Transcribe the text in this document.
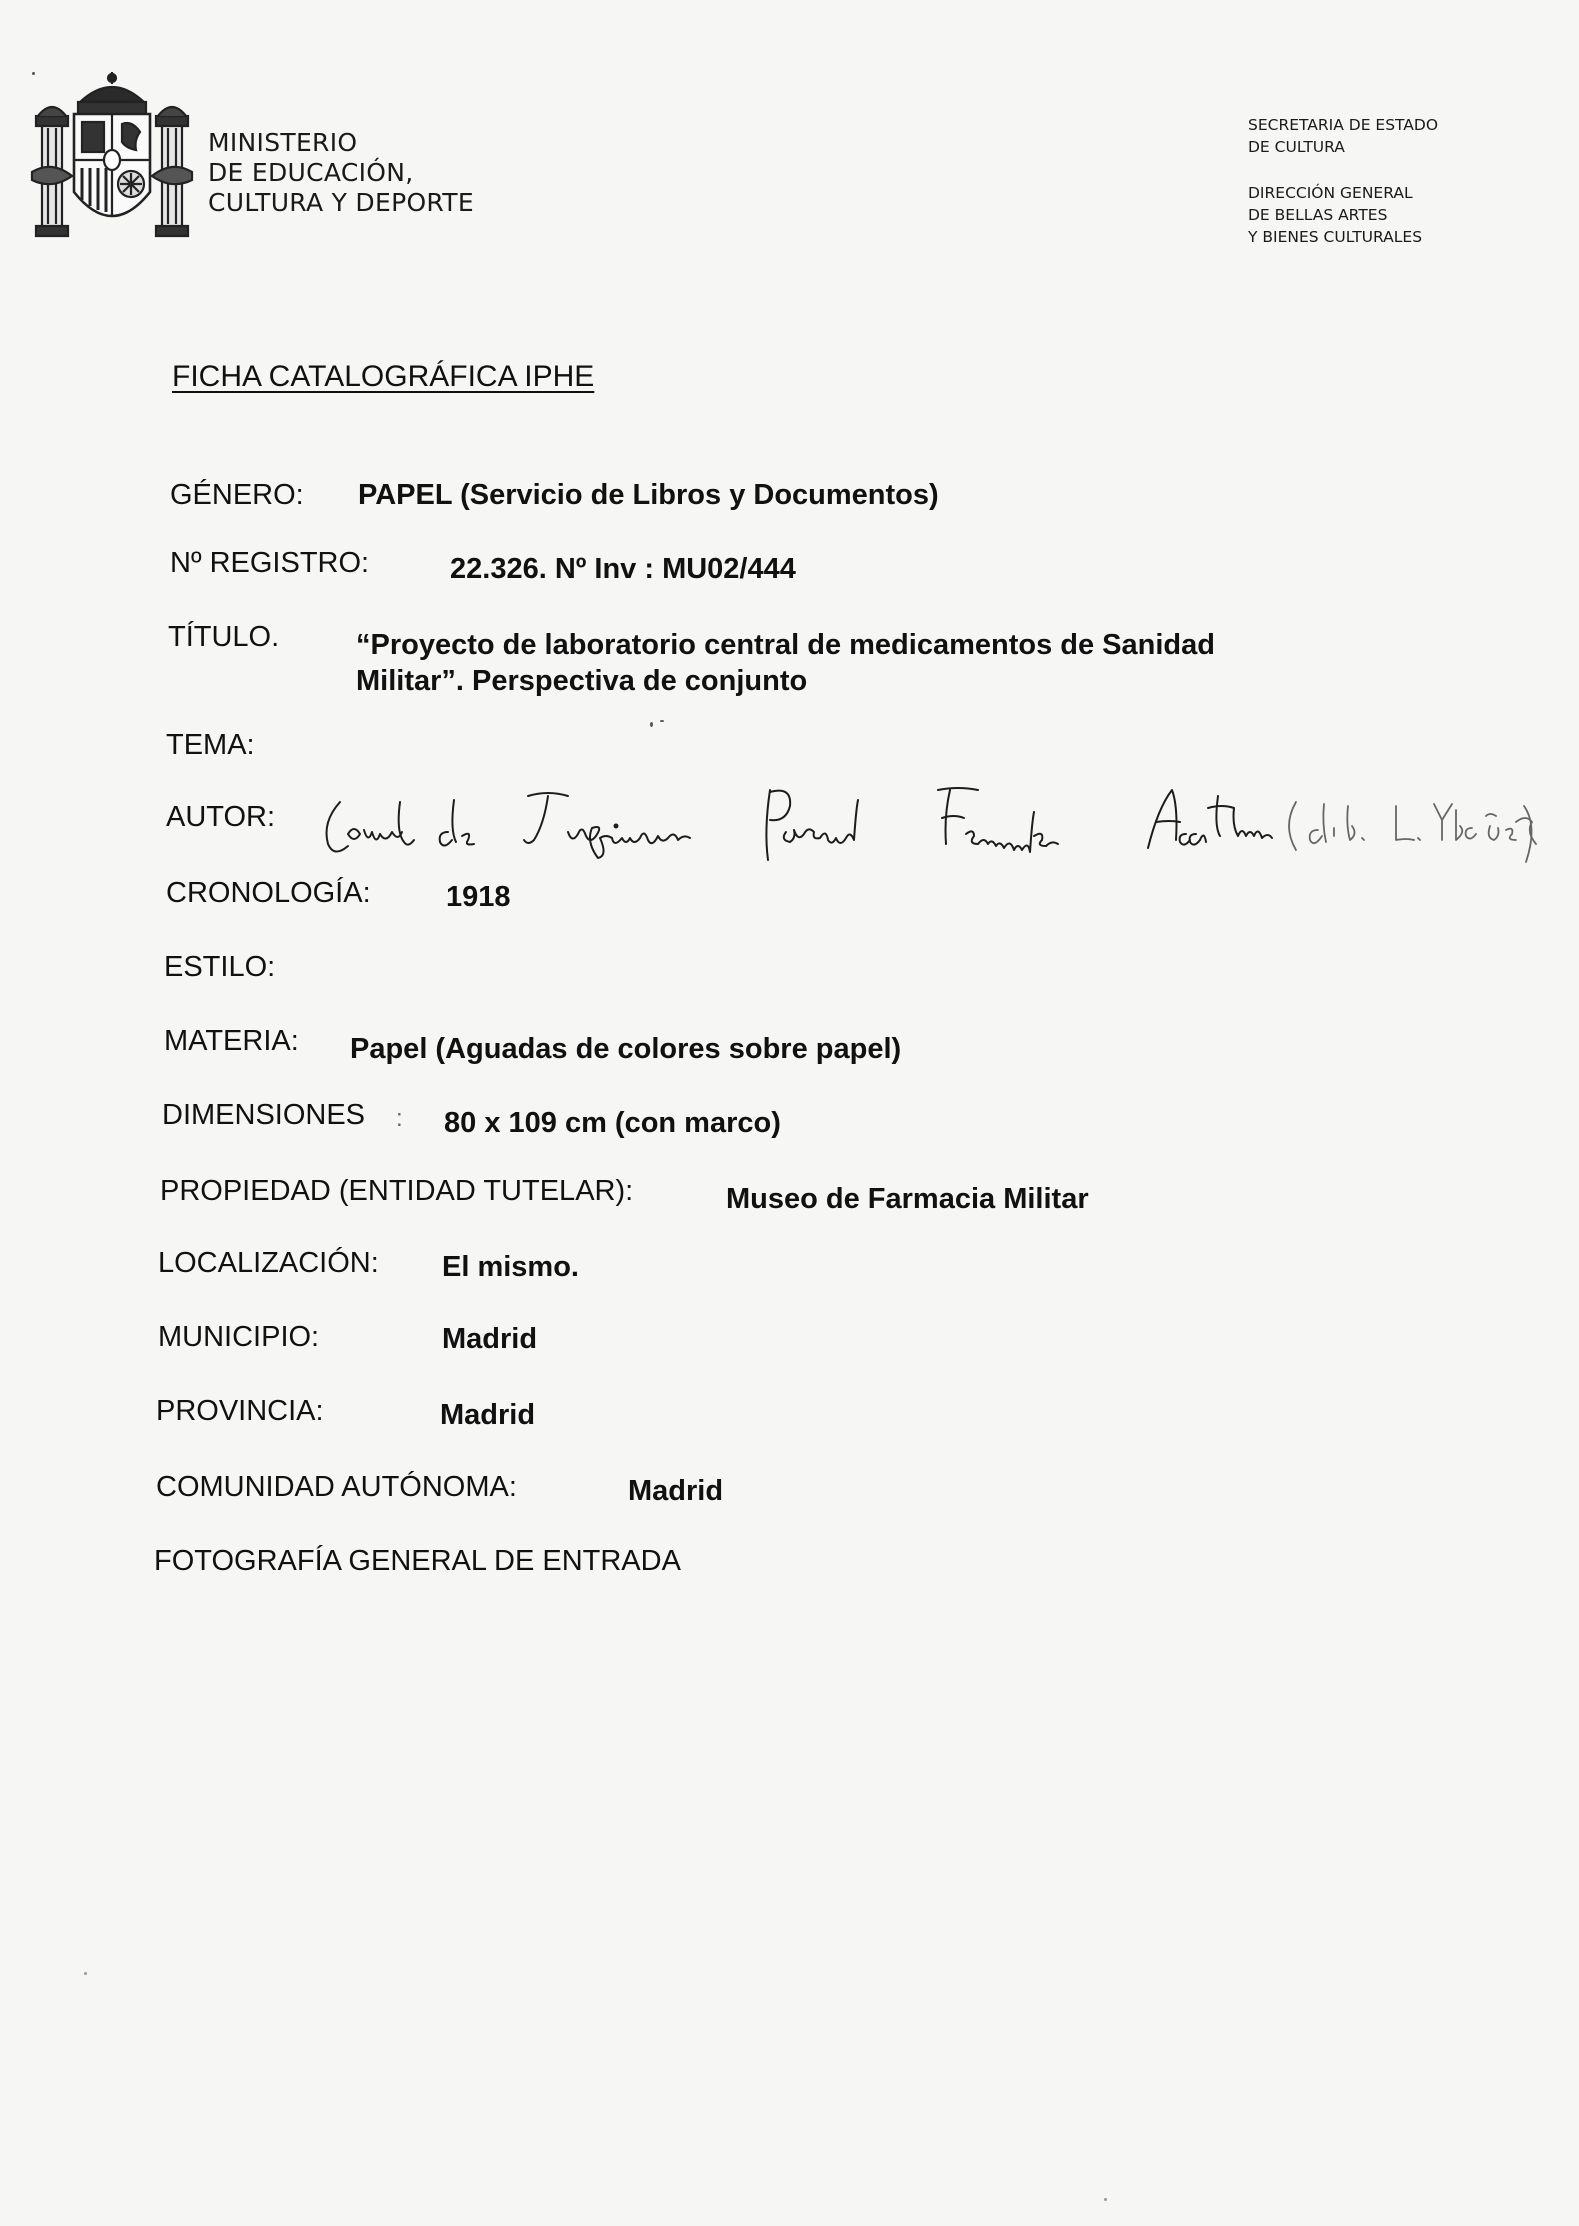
MINISTERIO
DE EDUCACIÓN,
CULTURA Y DEPORTE
SECRETARIA DE ESTADO
DE CULTURA
DIRECCIÓN GENERAL
DE BELLAS ARTES
Y BIENES CULTURALES
FICHA CATALOGRÁFICA IPHE
GÉNERO: PAPEL (Servicio de Libros y Documentos)
Nº REGISTRO:	22.326. Nº Inv : MU02/444
TÍTULO.	“Proyecto de laboratorio central de medicamentos de Sanidad
Militar”. Perspectiva de conjunto
TEMA:
AUTOR:
CRONOLOGÍA:	1918
ESTILO:
MATERIA: Papel (Aguadas de colores sobre papel)
DIMENSIONES : 80 x 109 cm (con marco)
PROPIEDAD (ENTIDAD TUTELAR):	Museo de Farmacia Militar
LOCALIZACIÓN: El mismo.
MUNICIPIO:	Madrid
PROVINCIA:	Madrid
COMUNIDAD AUTÓNOMA:	Madrid
FOTOGRAFÍA GENERAL DE ENTRADA
